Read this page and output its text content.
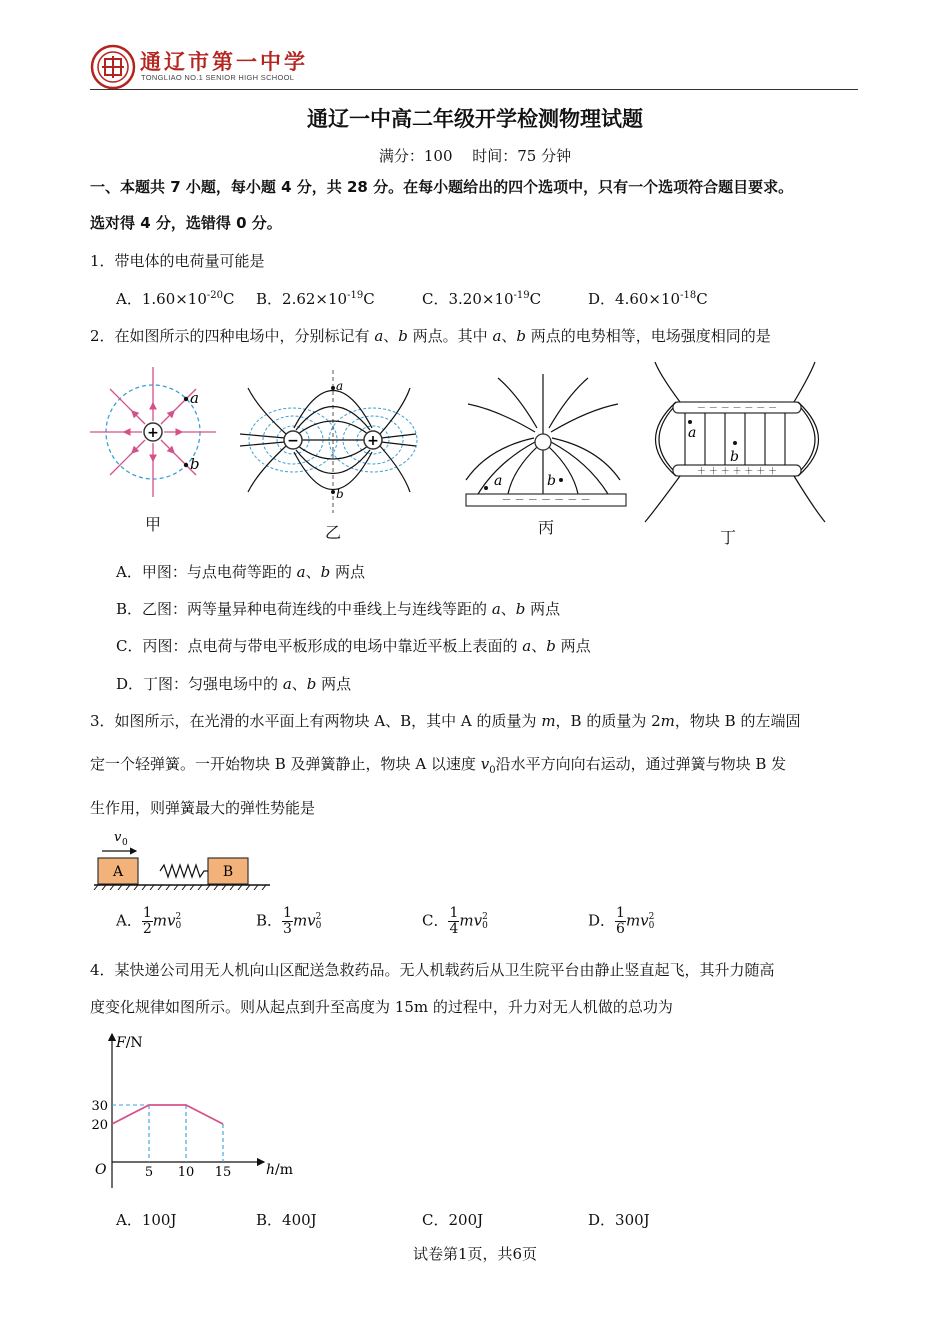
通辽市第一中学
TONGLIAO NO.1 SENIOR HIGH SCHOOL
通辽一中高二年级开学检测物理试题
满分：100　 时间：75 分钟
一、本题共 7 小题，每小题 4 分，共 28 分。在每小题给出的四个选项中，只有一个选项符合题目要求。
选对得 4 分，选错得 0 分。
1．带电体的电荷量可能是
A．$1.60\times 10^{-20}C$ B．$2.62\times 10^{-19}C$	C．$3.20\times 10^{-19}C$	D．$4.60\times 10^{-18}C$
2．在如图所示的四种电场中，分别标记有 a、b 两点。其中 a、b 两点的电势相等，电场强度相同的是
+
a
b
甲
−	+
a
b
乙
－ － － － － － －
a	b
丙
－ － － － － － －
＋ ＋ ＋ ＋ ＋ ＋ ＋
a
b
丁
A．甲图：与点电荷等距的 a、b 两点
B．乙图：两等量异种电荷连线的中垂线上与连线等距的 a、b 两点
C．丙图：点电荷与带电平板形成的电场中靠近平板上表面的 a、b 两点
D．丁图：匀强电场中的 a、b 两点
3．如图所示，在光滑的水平面上有两物块 A、B，其中 A 的质量为 m，B 的质量为 2m，物块 B 的左端固
定一个轻弹簧。一开始物块 B 及弹簧静止，物块 A 以速度 $v_0$沿水平方向向右运动，通过弹簧与物块 B 发
生作用，则弹簧最大的弹性势能是
v 0
A	B
A． $\frac{1}{2}$ mv 2
0	B． $\frac{1}{3}$ mv 2
0	C． $\frac{1}{4}$ mv 2
0	D． $\frac{1}{6}$ mv 2
0
4．某快递公司用无人机向山区配送急救药品。无人机载药后从卫生院平台由静止竖直起飞，其升力随高
度变化规律如图所示。则从起点到升至高度为 15m 的过程中，升力对无人机做的总功为
F/N
h/m
O	5 10 15
30
20
A．100J	B．400J	C．200J	D．300J
试卷第1页，共6页
